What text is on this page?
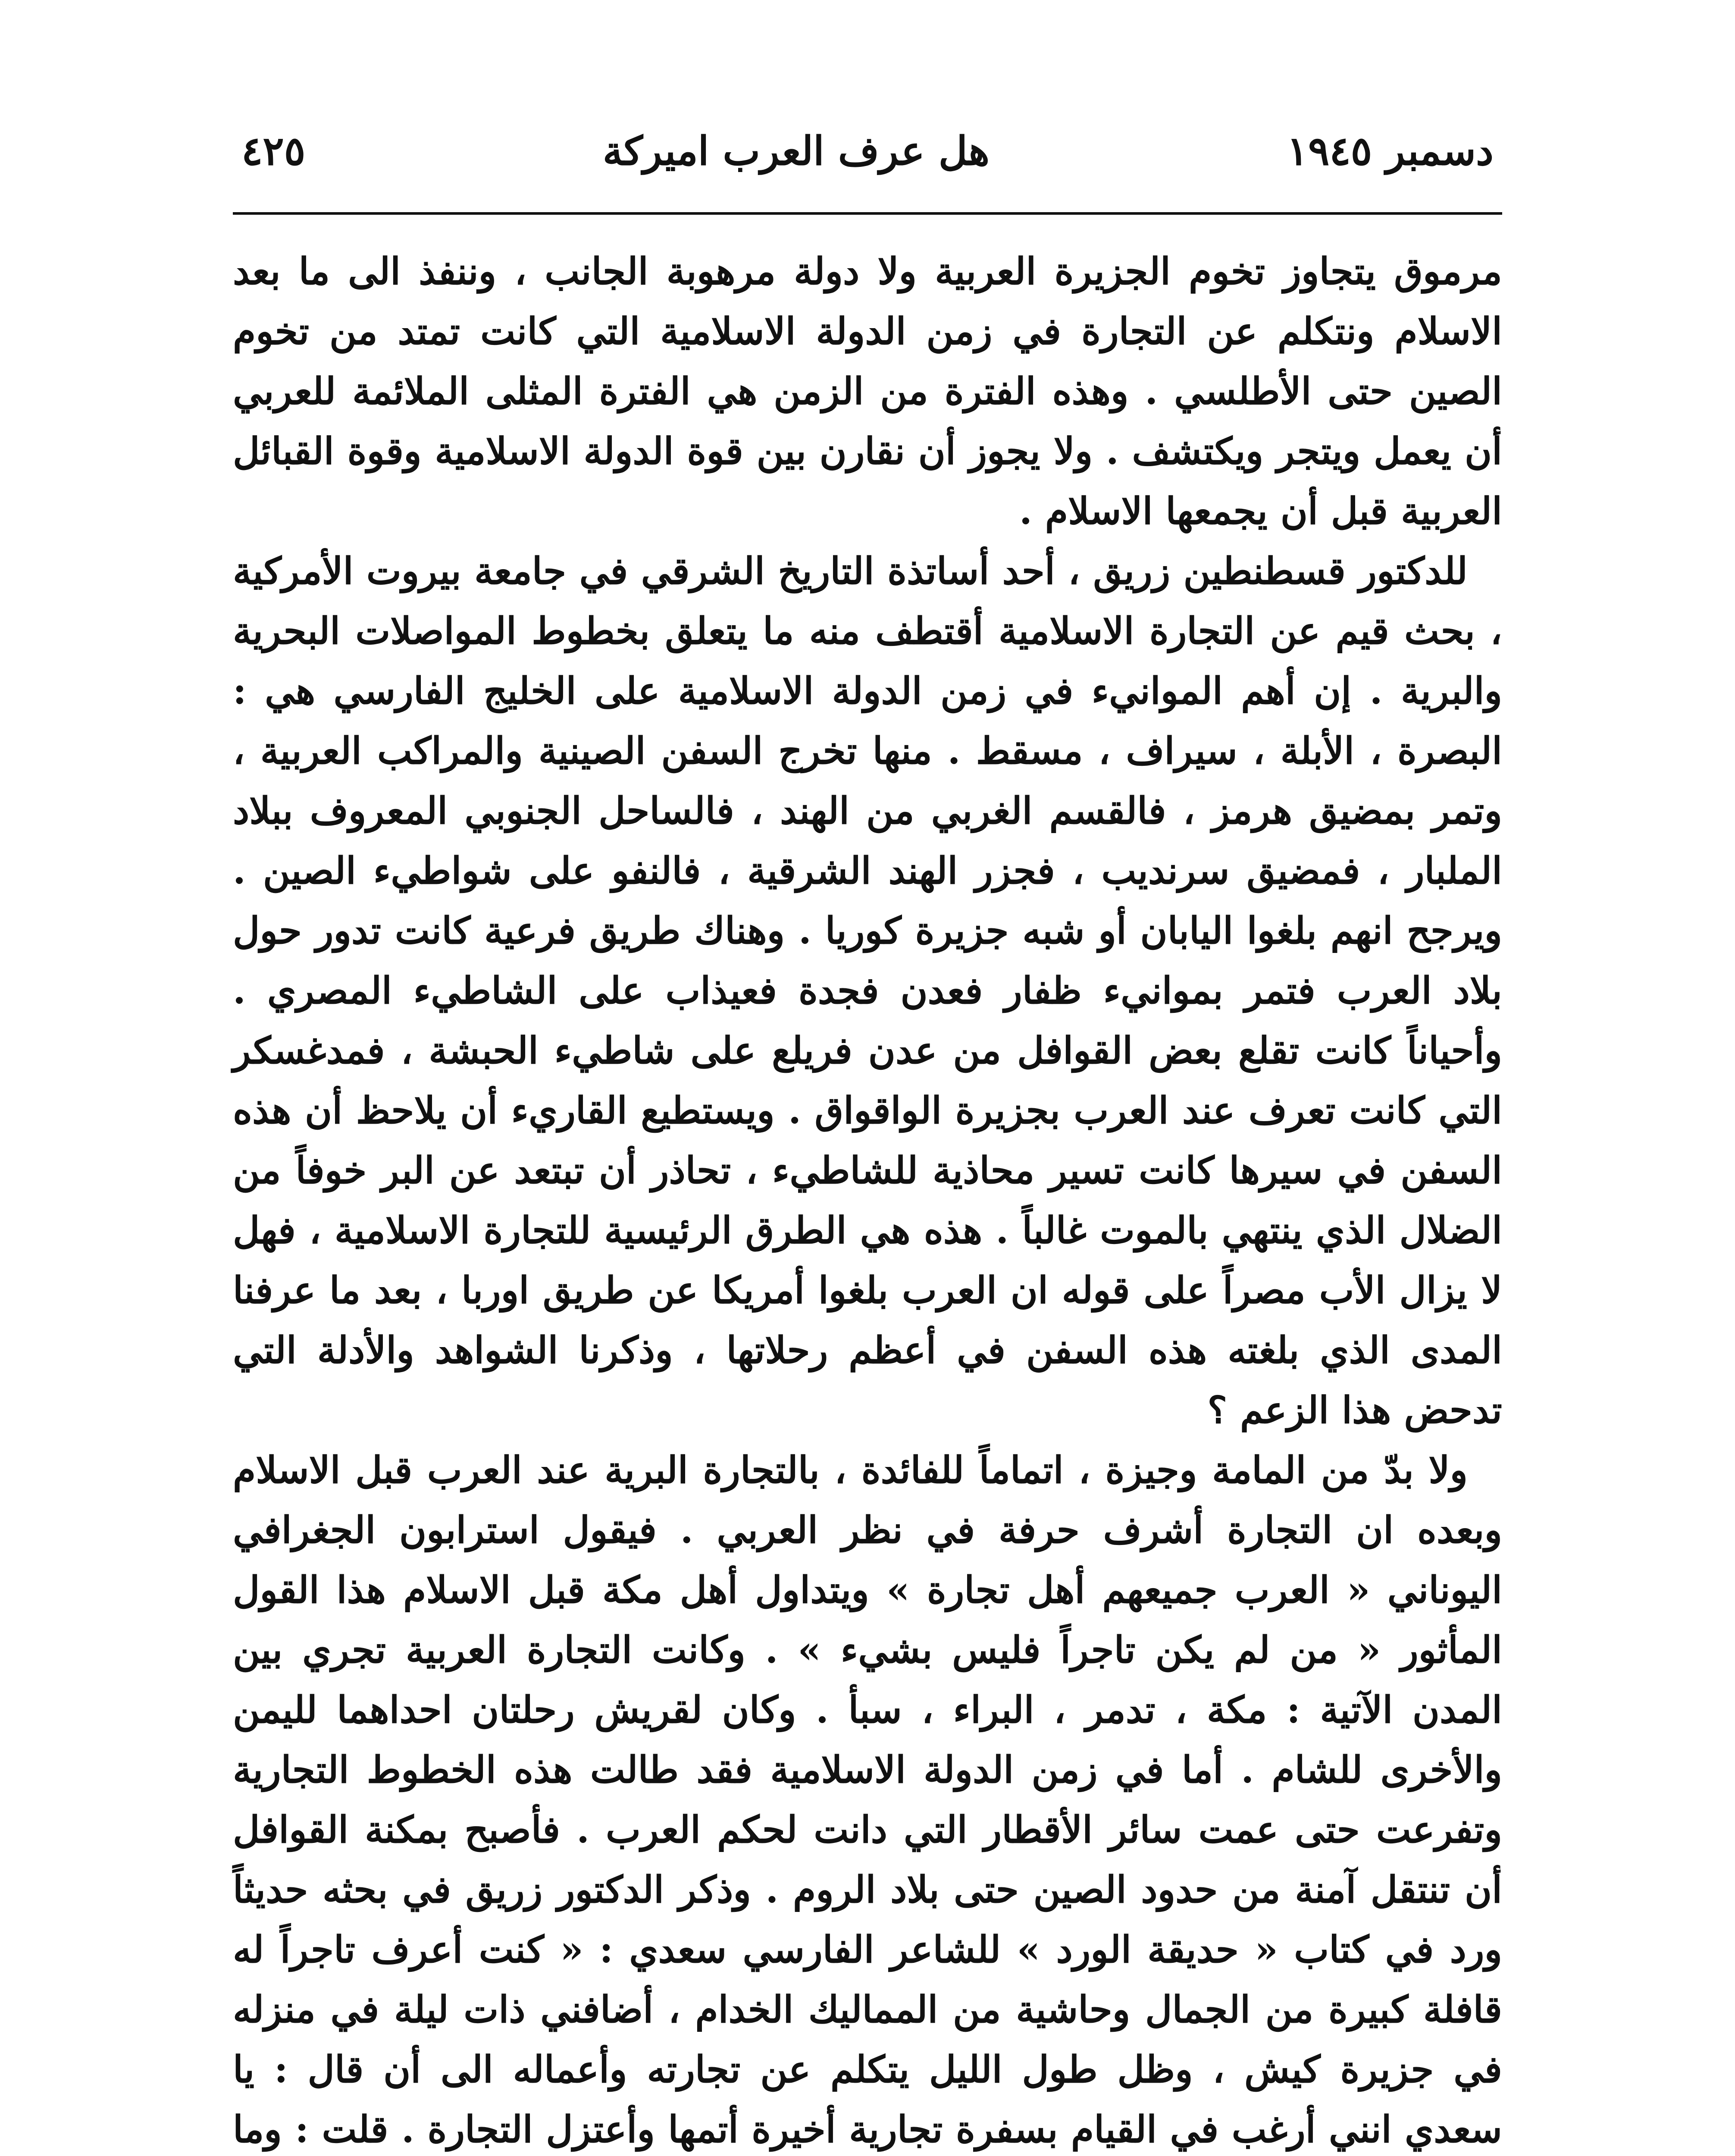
دسمبر ١٩٤٥
هل عرف العرب اميركة
٤٢٥

مرموق يتجاوز تخوم الجزيرة العربية ولا دولة مرهوبة الجانب ، وننفذ الى ما بعد الاسلام ونتكلم عن التجارة في زمن الدولة الاسلامية التي كانت تمتد من تخوم الصين حتى الأطلسي . وهذه الفترة من الزمن هي الفترة المثلى الملائمة للعربي أن يعمل ويتجر ويكتشف . ولا يجوز أن نقارن بين قوة الدولة الاسلامية وقوة القبائل العربية قبل أن يجمعها الاسلام .

للدكتور قسطنطين زريق ، أحد أساتذة التاريخ الشرقي في جامعة بيروت الأمركية ، بحث قيم عن التجارة الاسلامية أقتطف منه ما يتعلق بخطوط المواصلات البحرية والبرية . إن أهم الموانيء في زمن الدولة الاسلامية على الخليج الفارسي هي : البصرة ، الأبلة ، سيراف ، مسقط . منها تخرج السفن الصينية والمراكب العربية ، وتمر بمضيق هرمز ، فالقسم الغربي من الهند ، فالساحل الجنوبي المعروف ببلاد الملبار ، فمضيق سرنديب ، فجزر الهند الشرقية ، فالنفو على شواطيء الصين . ويرجح انهم بلغوا اليابان أو شبه جزيرة كوريا . وهناك طريق فرعية كانت تدور حول بلاد العرب فتمر بموانيء ظفار فعدن فجدة فعيذاب على الشاطيء المصري . وأحياناً كانت تقلع بعض القوافل من عدن فريلع على شاطيء الحبشة ، فمدغسكر التي كانت تعرف عند العرب بجزيرة الواقواق . ويستطيع القاريء أن يلاحظ أن هذه السفن في سيرها كانت تسير محاذية للشاطيء ، تحاذر أن تبتعد عن البر خوفاً من الضلال الذي ينتهي بالموت غالباً . هذه هي الطرق الرئيسية للتجارة الاسلامية ، فهل لا يزال الأب مصراً على قوله ان العرب بلغوا أمريكا عن طريق اوربا ، بعد ما عرفنا المدى الذي بلغته هذه السفن في أعظم رحلاتها ، وذكرنا الشواهد والأدلة التي تدحض هذا الزعم ؟

ولا بدّ من المامة وجيزة ، اتماماً للفائدة ، بالتجارة البرية عند العرب قبل الاسلام وبعده ان التجارة أشرف حرفة في نظر العربي . فيقول استرابون الجغرافي اليوناني « العرب جميعهم أهل تجارة » ويتداول أهل مكة قبل الاسلام هذا القول المأثور « من لم يكن تاجراً فليس بشيء » . وكانت التجارة العربية تجري بين المدن الآتية : مكة ، تدمر ، البراء ، سبأ . وكان لقريش رحلتان احداهما لليمن والأخرى للشام . أما في زمن الدولة الاسلامية فقد طالت هذه الخطوط التجارية وتفرعت حتى عمت سائر الأقطار التي دانت لحكم العرب . فأصبح بمكنة القوافل أن تنتقل آمنة من حدود الصين حتى بلاد الروم . وذكر الدكتور زريق في بحثه حديثاً ورد في كتاب « حديقة الورد » للشاعر الفارسي سعدي : « كنت أعرف تاجراً له قافلة كبيرة من الجمال وحاشية من المماليك الخدام ، أضافني ذات ليلة في منزله في جزيرة كيش ، وظل طول الليل يتكلم عن تجارته وأعماله الى أن قال : يا سعدي انني أرغب في القيام بسفرة تجارية أخيرة أتمها وأعتزل التجارة . قلت : وما
